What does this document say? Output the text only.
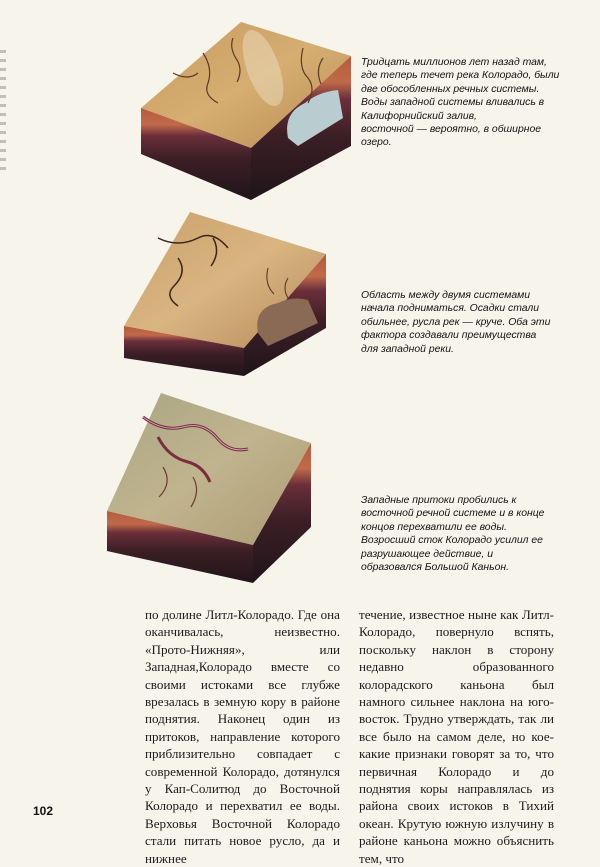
Тридцать миллионов лет назад там,
где теперь течет река Колорадо, были
две обособленных речных системы.
Воды западной системы вливались в
Калифорнийский залив,
восточной — вероятно, в обширное
озеро.
Область между двумя системами
начала подниматься. Осадки стали
обильнее, русла рек — круче. Оба эти
фактора создавали преимущества
для западной реки.
Западные притоки пробились к
восточной речной системе и в конце
концов перехватили ее воды.
Возросший сток Колорадо усилил ее
разрушающее действие, и
образовался Большой Каньон.
по долине Литл-Колорадо. Где она оканчивалась, неизвестно. «Прото-Нижняя», или Западная,Колорадо вместе со своими истоками все глубже врезалась в земную кору в районе поднятия. Наконец один из притоков, направление которого приблизительно совпадает с современной Колорадо, дотянулся у Кап-Солитюд до Восточной Колорадо и перехватил ее воды. Верховья Восточной Колорадо стали питать новое русло, да и нижнее
течение, известное ныне как Литл-Колорадо, повернуло вспять, поскольку наклон в сторону недавно образованного колорадского каньона был намного сильнее наклона на юго-восток. Трудно утверждать, так ли все было на самом деле, но кое-какие признаки говорят за то, что первичная Колорадо и до поднятия коры направлялась из района своих истоков в Тихий океан. Крутую южную излучину в районе каньона можно объяснить тем, что
102
